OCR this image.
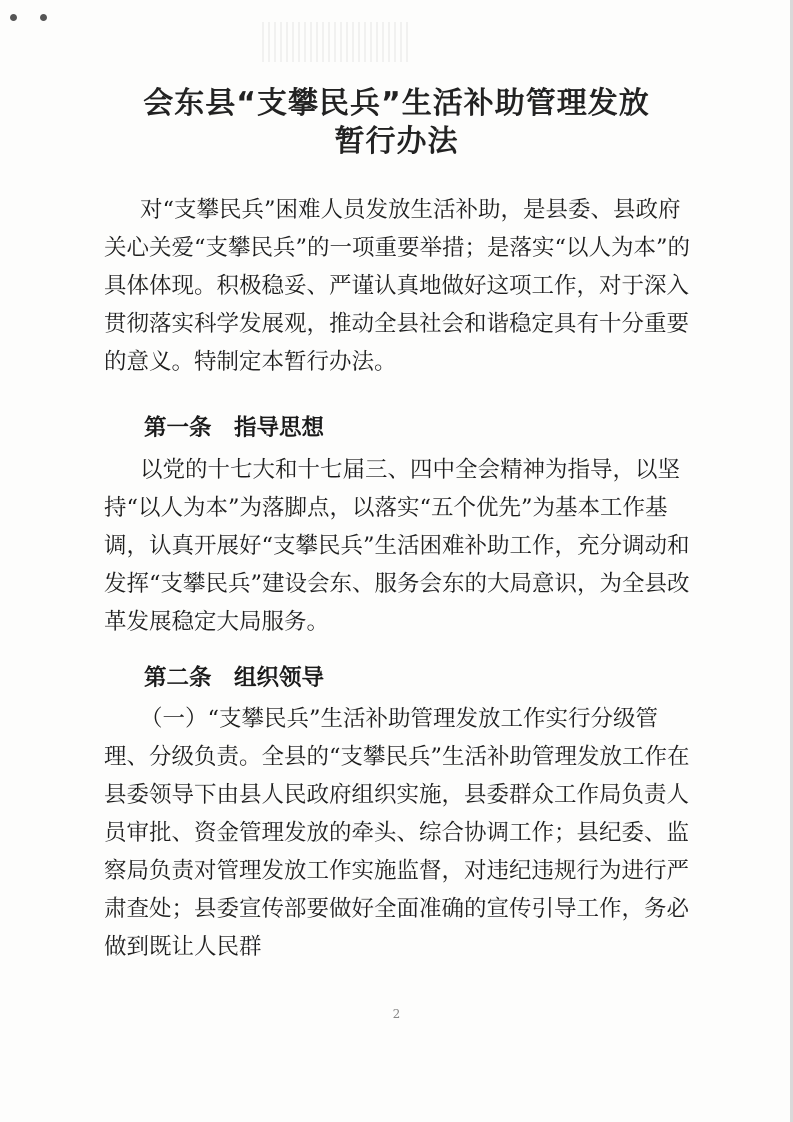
会东县“支攀民兵”生活补助管理发放
暂行办法

对“支攀民兵”困难人员发放生活补助，是县委、县政府关心关爱“支攀民兵”的一项重要举措；是落实“以人为本”的具体体现。积极稳妥、严谨认真地做好这项工作，对于深入贯彻落实科学发展观，推动全县社会和谐稳定具有十分重要的意义。特制定本暂行办法。

第一条　指导思想

以党的十七大和十七届三、四中全会精神为指导，以坚持“以人为本”为落脚点，以落实“五个优先”为基本工作基调，认真开展好“支攀民兵”生活困难补助工作，充分调动和发挥“支攀民兵”建设会东、服务会东的大局意识，为全县改革发展稳定大局服务。

第二条　组织领导

（一）“支攀民兵”生活补助管理发放工作实行分级管理、分级负责。全县的“支攀民兵”生活补助管理发放工作在县委领导下由县人民政府组织实施，县委群众工作局负责人员审批、资金管理发放的牵头、综合协调工作；县纪委、监察局负责对管理发放工作实施监督，对违纪违规行为进行严肃查处；县委宣传部要做好全面准确的宣传引导工作，务必做到既让人民群

2
